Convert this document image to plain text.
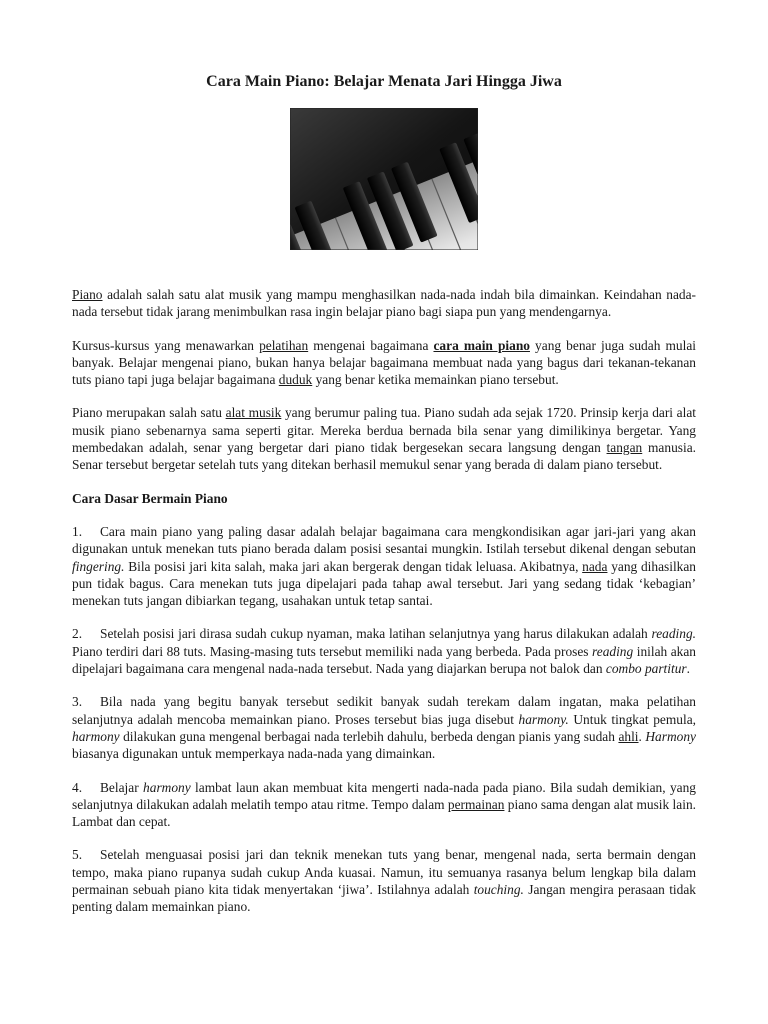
Cara Main Piano: Belajar Menata Jari Hingga Jiwa

Piano adalah salah satu alat musik yang mampu menghasilkan nada-nada indah bila dimainkan. Keindahan nada-nada tersebut tidak jarang menimbulkan rasa ingin belajar piano bagi siapa pun yang mendengarnya.

Kursus-kursus yang menawarkan pelatihan mengenai bagaimana cara main piano yang benar juga sudah mulai banyak. Belajar mengenai piano, bukan hanya belajar bagaimana membuat nada yang bagus dari tekanan-tekanan tuts piano tapi juga belajar bagaimana duduk yang benar ketika memainkan piano tersebut.

Piano merupakan salah satu alat musik yang berumur paling tua. Piano sudah ada sejak 1720. Prinsip kerja dari alat musik piano sebenarnya sama seperti gitar. Mereka berdua bernada bila senar yang dimilikinya bergetar. Yang membedakan adalah, senar yang bergetar dari piano tidak bergesekan secara langsung dengan tangan manusia. Senar tersebut bergetar setelah tuts yang ditekan berhasil memukul senar yang berada di dalam piano tersebut.

Cara Dasar Bermain Piano

1. Cara main piano yang paling dasar adalah belajar bagaimana cara mengkondisikan agar jari-jari yang akan digunakan untuk menekan tuts piano berada dalam posisi sesantai mungkin. Istilah tersebut dikenal dengan sebutan fingering. Bila posisi jari kita salah, maka jari akan bergerak dengan tidak leluasa. Akibatnya, nada yang dihasilkan pun tidak bagus. Cara menekan tuts juga dipelajari pada tahap awal tersebut. Jari yang sedang tidak ‘kebagian’ menekan tuts jangan dibiarkan tegang, usahakan untuk tetap santai.

2. Setelah posisi jari dirasa sudah cukup nyaman, maka latihan selanjutnya yang harus dilakukan adalah reading. Piano terdiri dari 88 tuts. Masing-masing tuts tersebut memiliki nada yang berbeda. Pada proses reading inilah akan dipelajari bagaimana cara mengenal nada-nada tersebut. Nada yang diajarkan berupa not balok dan combo partitur.

3. Bila nada yang begitu banyak tersebut sedikit banyak sudah terekam dalam ingatan, maka pelatihan selanjutnya adalah mencoba memainkan piano. Proses tersebut bias juga disebut harmony. Untuk tingkat pemula, harmony dilakukan guna mengenal berbagai nada terlebih dahulu, berbeda dengan pianis yang sudah ahli. Harmony biasanya digunakan untuk memperkaya nada-nada yang dimainkan.

4. Belajar harmony lambat laun akan membuat kita mengerti nada-nada pada piano. Bila sudah demikian, yang selanjutnya dilakukan adalah melatih tempo atau ritme. Tempo dalam permainan piano sama dengan alat musik lain. Lambat dan cepat.

5. Setelah menguasai posisi jari dan teknik menekan tuts yang benar, mengenal nada, serta bermain dengan tempo, maka piano rupanya sudah cukup Anda kuasai. Namun, itu semuanya rasanya belum lengkap bila dalam permainan sebuah piano kita tidak menyertakan ‘jiwa’. Istilahnya adalah touching. Jangan mengira perasaan tidak penting dalam memainkan piano.
